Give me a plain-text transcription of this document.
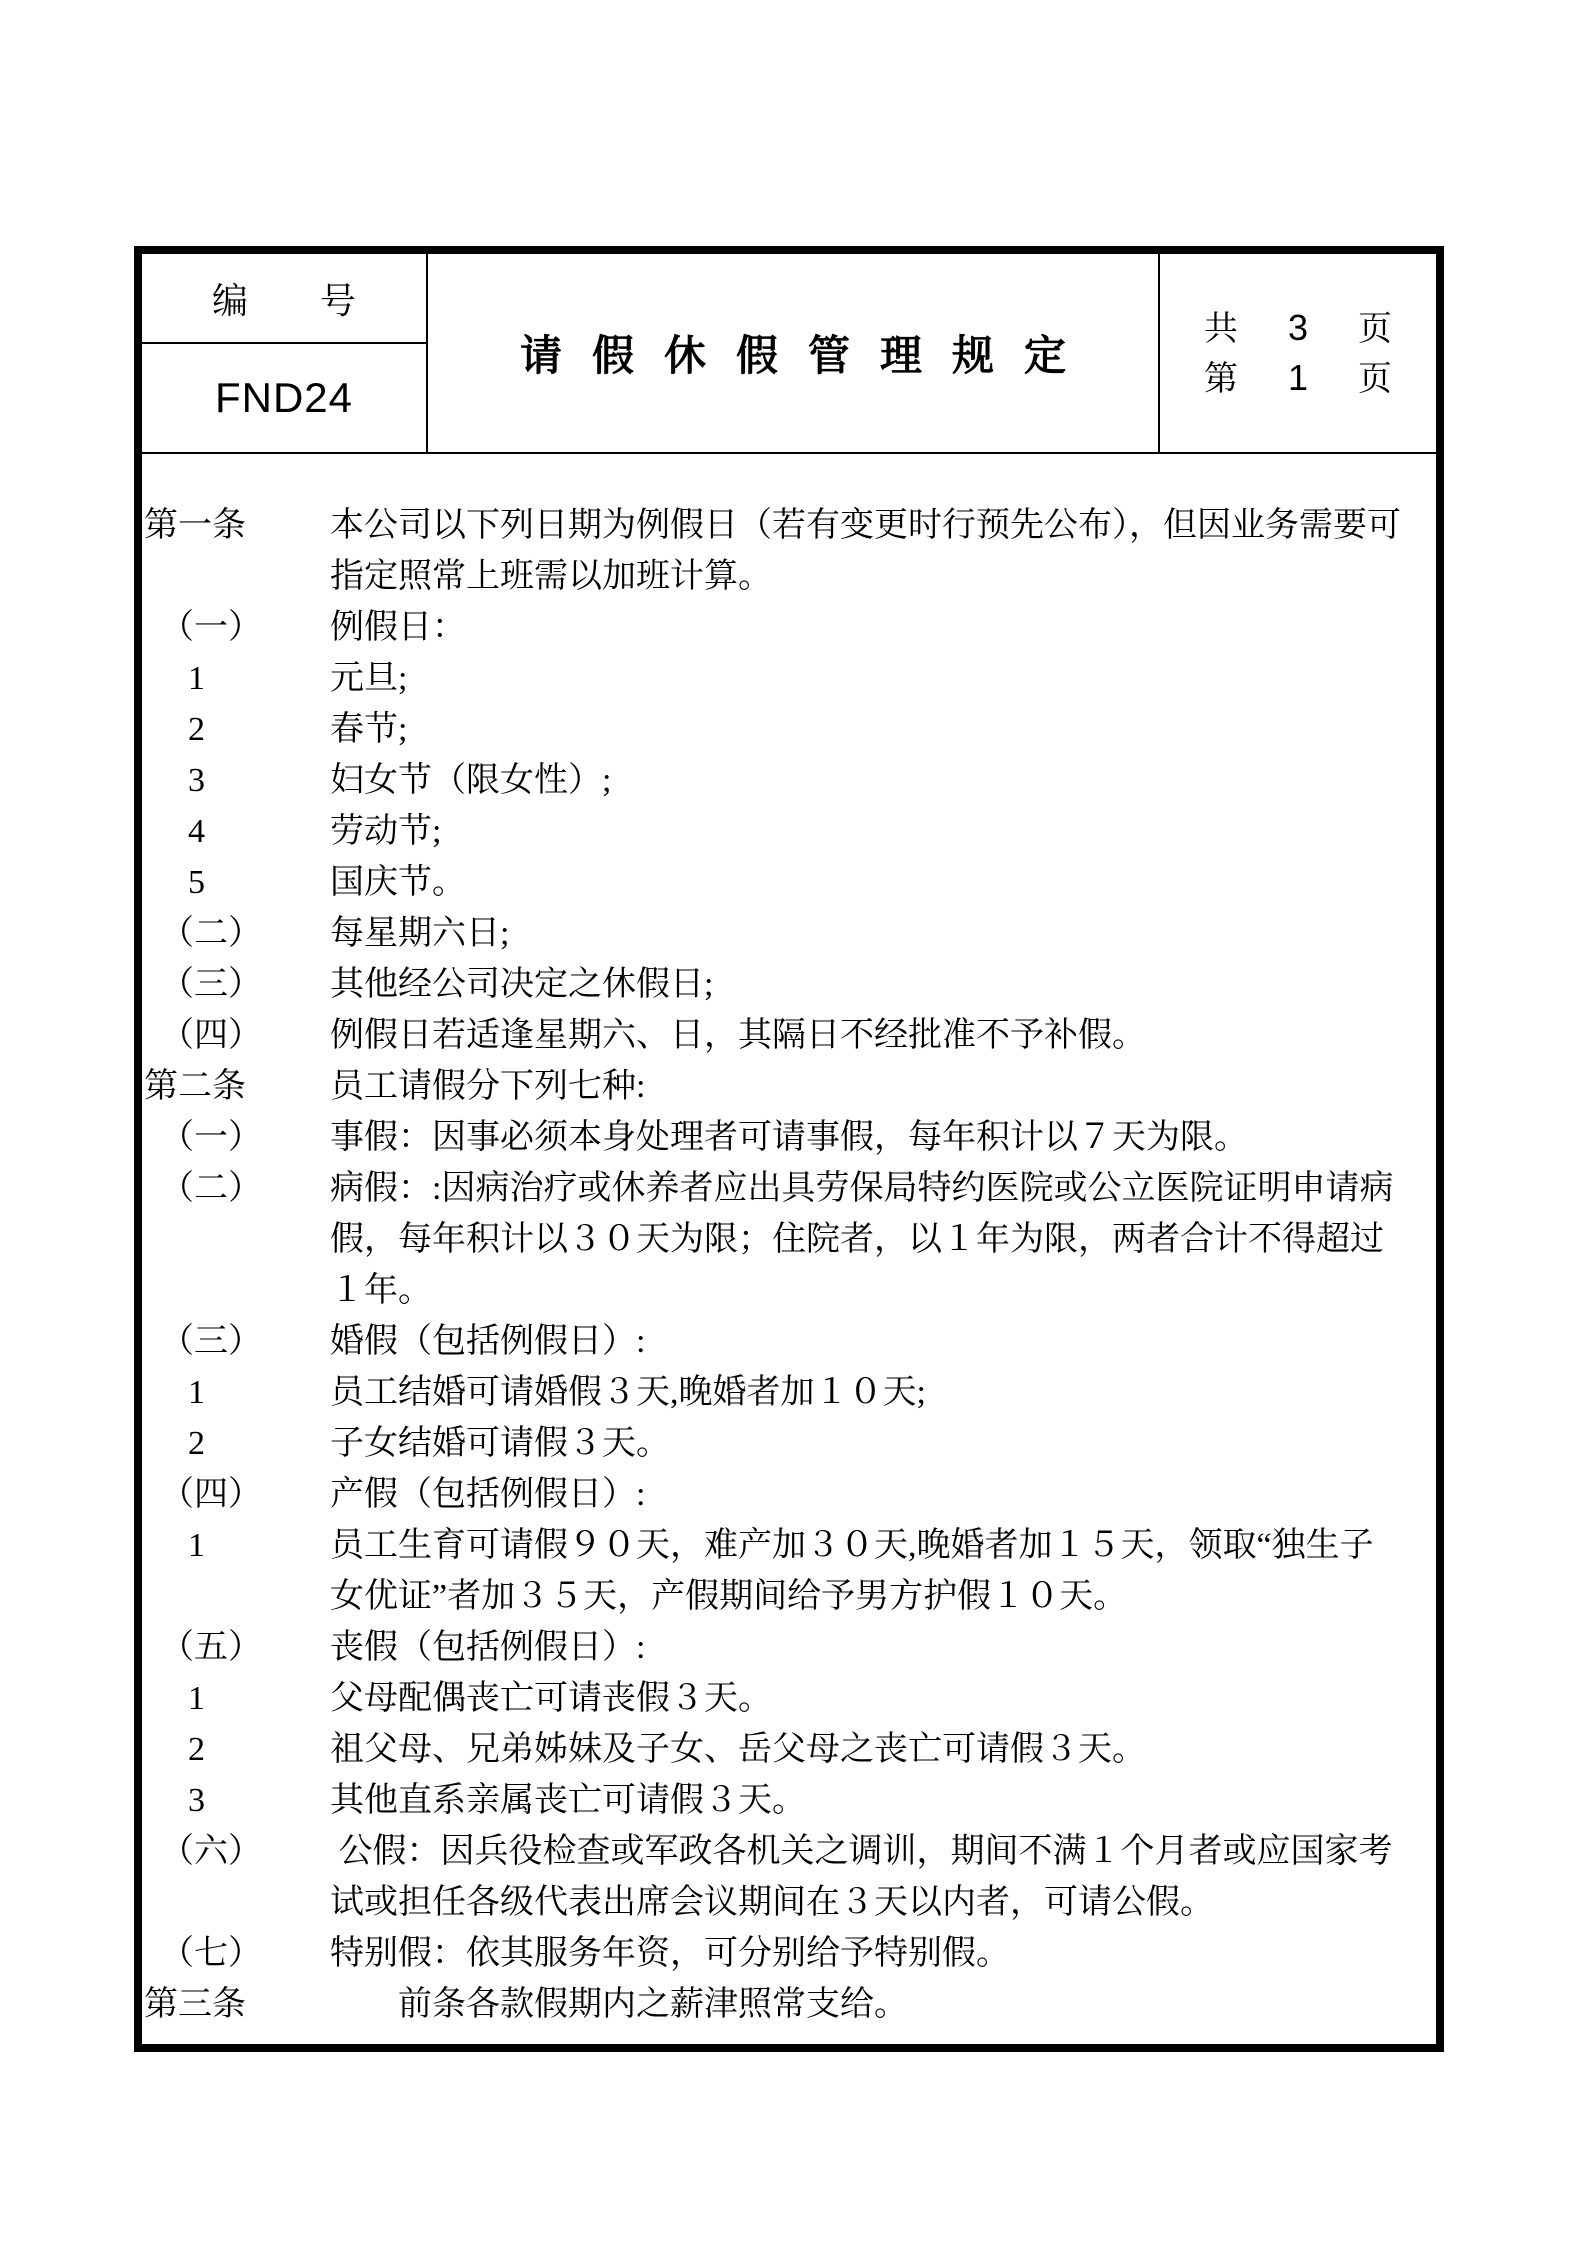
编　　号
FND24
请假休假管理规定
共 3 页
第 1 页
第一条	本公司以下列日期为例假日（若有变更时行预先公布），但因业务需要可
指定照常上班需以加班计算。
（一）	例假日：
1	元旦;
2	春节;
3	妇女节（限女性）;
4	劳动节;
5	国庆节。
（二）	每星期六日;
（三）	其他经公司决定之休假日;
（四）	例假日若适逢星期六、日，其隔日不经批准不予补假。
第二条	员工请假分下列七种:
（一）	事假：因事必须本身处理者可请事假，每年积计以７天为限。
（二）	病假：:因病治疗或休养者应出具劳保局特约医院或公立医院证明申请病
假，每年积计以３０天为限；住院者，以１年为限，两者合计不得超过
１年。
（三）	婚假（包括例假日）:
1	员工结婚可请婚假３天,晚婚者加１０天;
2	子女结婚可请假３天。
（四）	产假（包括例假日）:
1	员工生育可请假９０天，难产加３０天,晚婚者加１５天，领取“独生子
女优证”者加３５天，产假期间给予男方护假１０天。
（五）	丧假（包括例假日）:
1	父母配偶丧亡可请丧假３天。
2	祖父母、兄弟姊妹及子女、岳父母之丧亡可请假３天。
3	其他直系亲属丧亡可请假３天。
（六）	公假：因兵役检查或军政各机关之调训，期间不满１个月者或应国家考
试或担任各级代表出席会议期间在３天以内者，可请公假。
（七）	特别假：依其服务年资，可分别给予特别假。
第三条	　　前条各款假期内之薪津照常支给。
